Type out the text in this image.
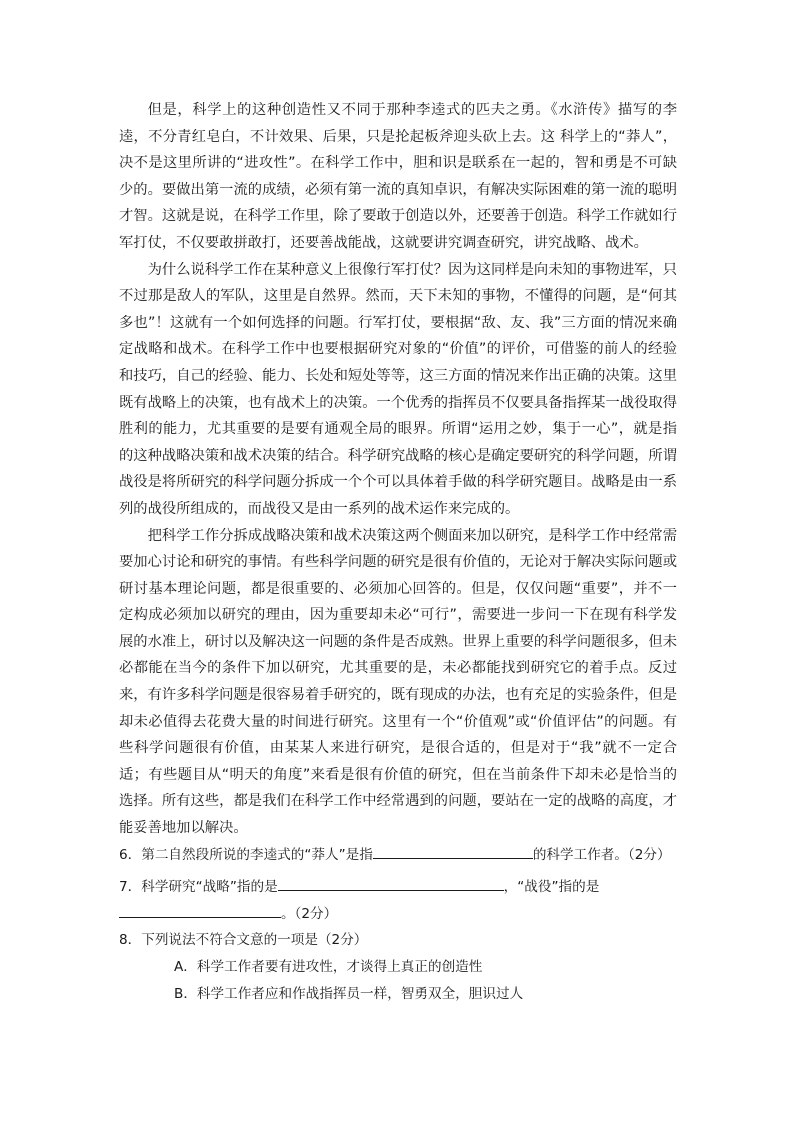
但是，科学上的这种创造性又不同于那种李逵式的匹夫之勇。《水浒传》描写的李逵，不分青红皂白，不计效果、后果，只是抡起板斧迎头砍上去。这 科学上的“莽人”，决不是这里所讲的“进攻性”。在科学工作中，胆和识是联系在一起的，智和勇是不可缺少的。要做出第一流的成绩，必须有第一流的真知卓识，有解决实际困难的第一流的聪明才智。这就是说，在科学工作里，除了要敢于创造以外，还要善于创造。科学工作就如行军打仗，不仅要敢拼敢打，还要善战能战，这就要讲究调查研究，讲究战略、战术。

为什么说科学工作在某种意义上很像行军打仗？因为这同样是向未知的事物进军，只不过那是敌人的军队，这里是自然界。然而，天下未知的事物，不懂得的问题，是“何其多也”！这就有一个如何选择的问题。行军打仗，要根据“敌、友、我”三方面的情况来确定战略和战术。在科学工作中也要根据研究对象的“价值”的评价，可借鉴的前人的经验和技巧，自己的经验、能力、长处和短处等等，这三方面的情况来作出正确的决策。这里既有战略上的决策，也有战术上的决策。一个优秀的指挥员不仅要具备指挥某一战役取得胜利的能力，尤其重要的是要有通观全局的眼界。所谓“运用之妙，集于一心”，就是指的这种战略决策和战术决策的结合。科学研究战略的核心是确定要研究的科学问题，所谓战役是将所研究的科学问题分拆成一个个可以具体着手做的科学研究题目。战略是由一系列的战役所组成的，而战役又是由一系列的战术运作来完成的。

把科学工作分拆成战略决策和战术决策这两个侧面来加以研究，是科学工作中经常需要加心讨论和研究的事情。有些科学问题的研究是很有价值的，无论对于解决实际问题或研讨基本理论问题，都是很重要的、必须加心回答的。但是，仅仅问题“重要”，并不一定构成必须加以研究的理由，因为重要却未必“可行”，需要进一步问一下在现有科学发展的水准上，研讨以及解决这一问题的条件是否成熟。世界上重要的科学问题很多，但未必都能在当今的条件下加以研究，尤其重要的是，未必都能找到研究它的着手点。反过来，有许多科学问题是很容易着手研究的，既有现成的办法，也有充足的实验条件，但是却未必值得去花费大量的时间进行研究。这里有一个“价值观”或“价值评估”的问题。有些科学问题很有价值，由某某人来进行研究，是很合适的，但是对于“我”就不一定合适；有些题目从“明天的角度”来看是很有价值的研究，但在当前条件下却未必是恰当的选择。所有这些，都是我们在科学工作中经常遇到的问题，要站在一定的战略的高度，才能妥善地加以解决。

6．第二自然段所说的李逵式的“莽人”是指	的科学工作者。（2分）

7．科学研究“战略”指的是	，“战役”指的是。（2分）

8．下列说法不符合文意的一项是（2分）

A．科学工作者要有进攻性，才谈得上真正的创造性

B．科学工作者应和作战指挥员一样，智勇双全，胆识过人
